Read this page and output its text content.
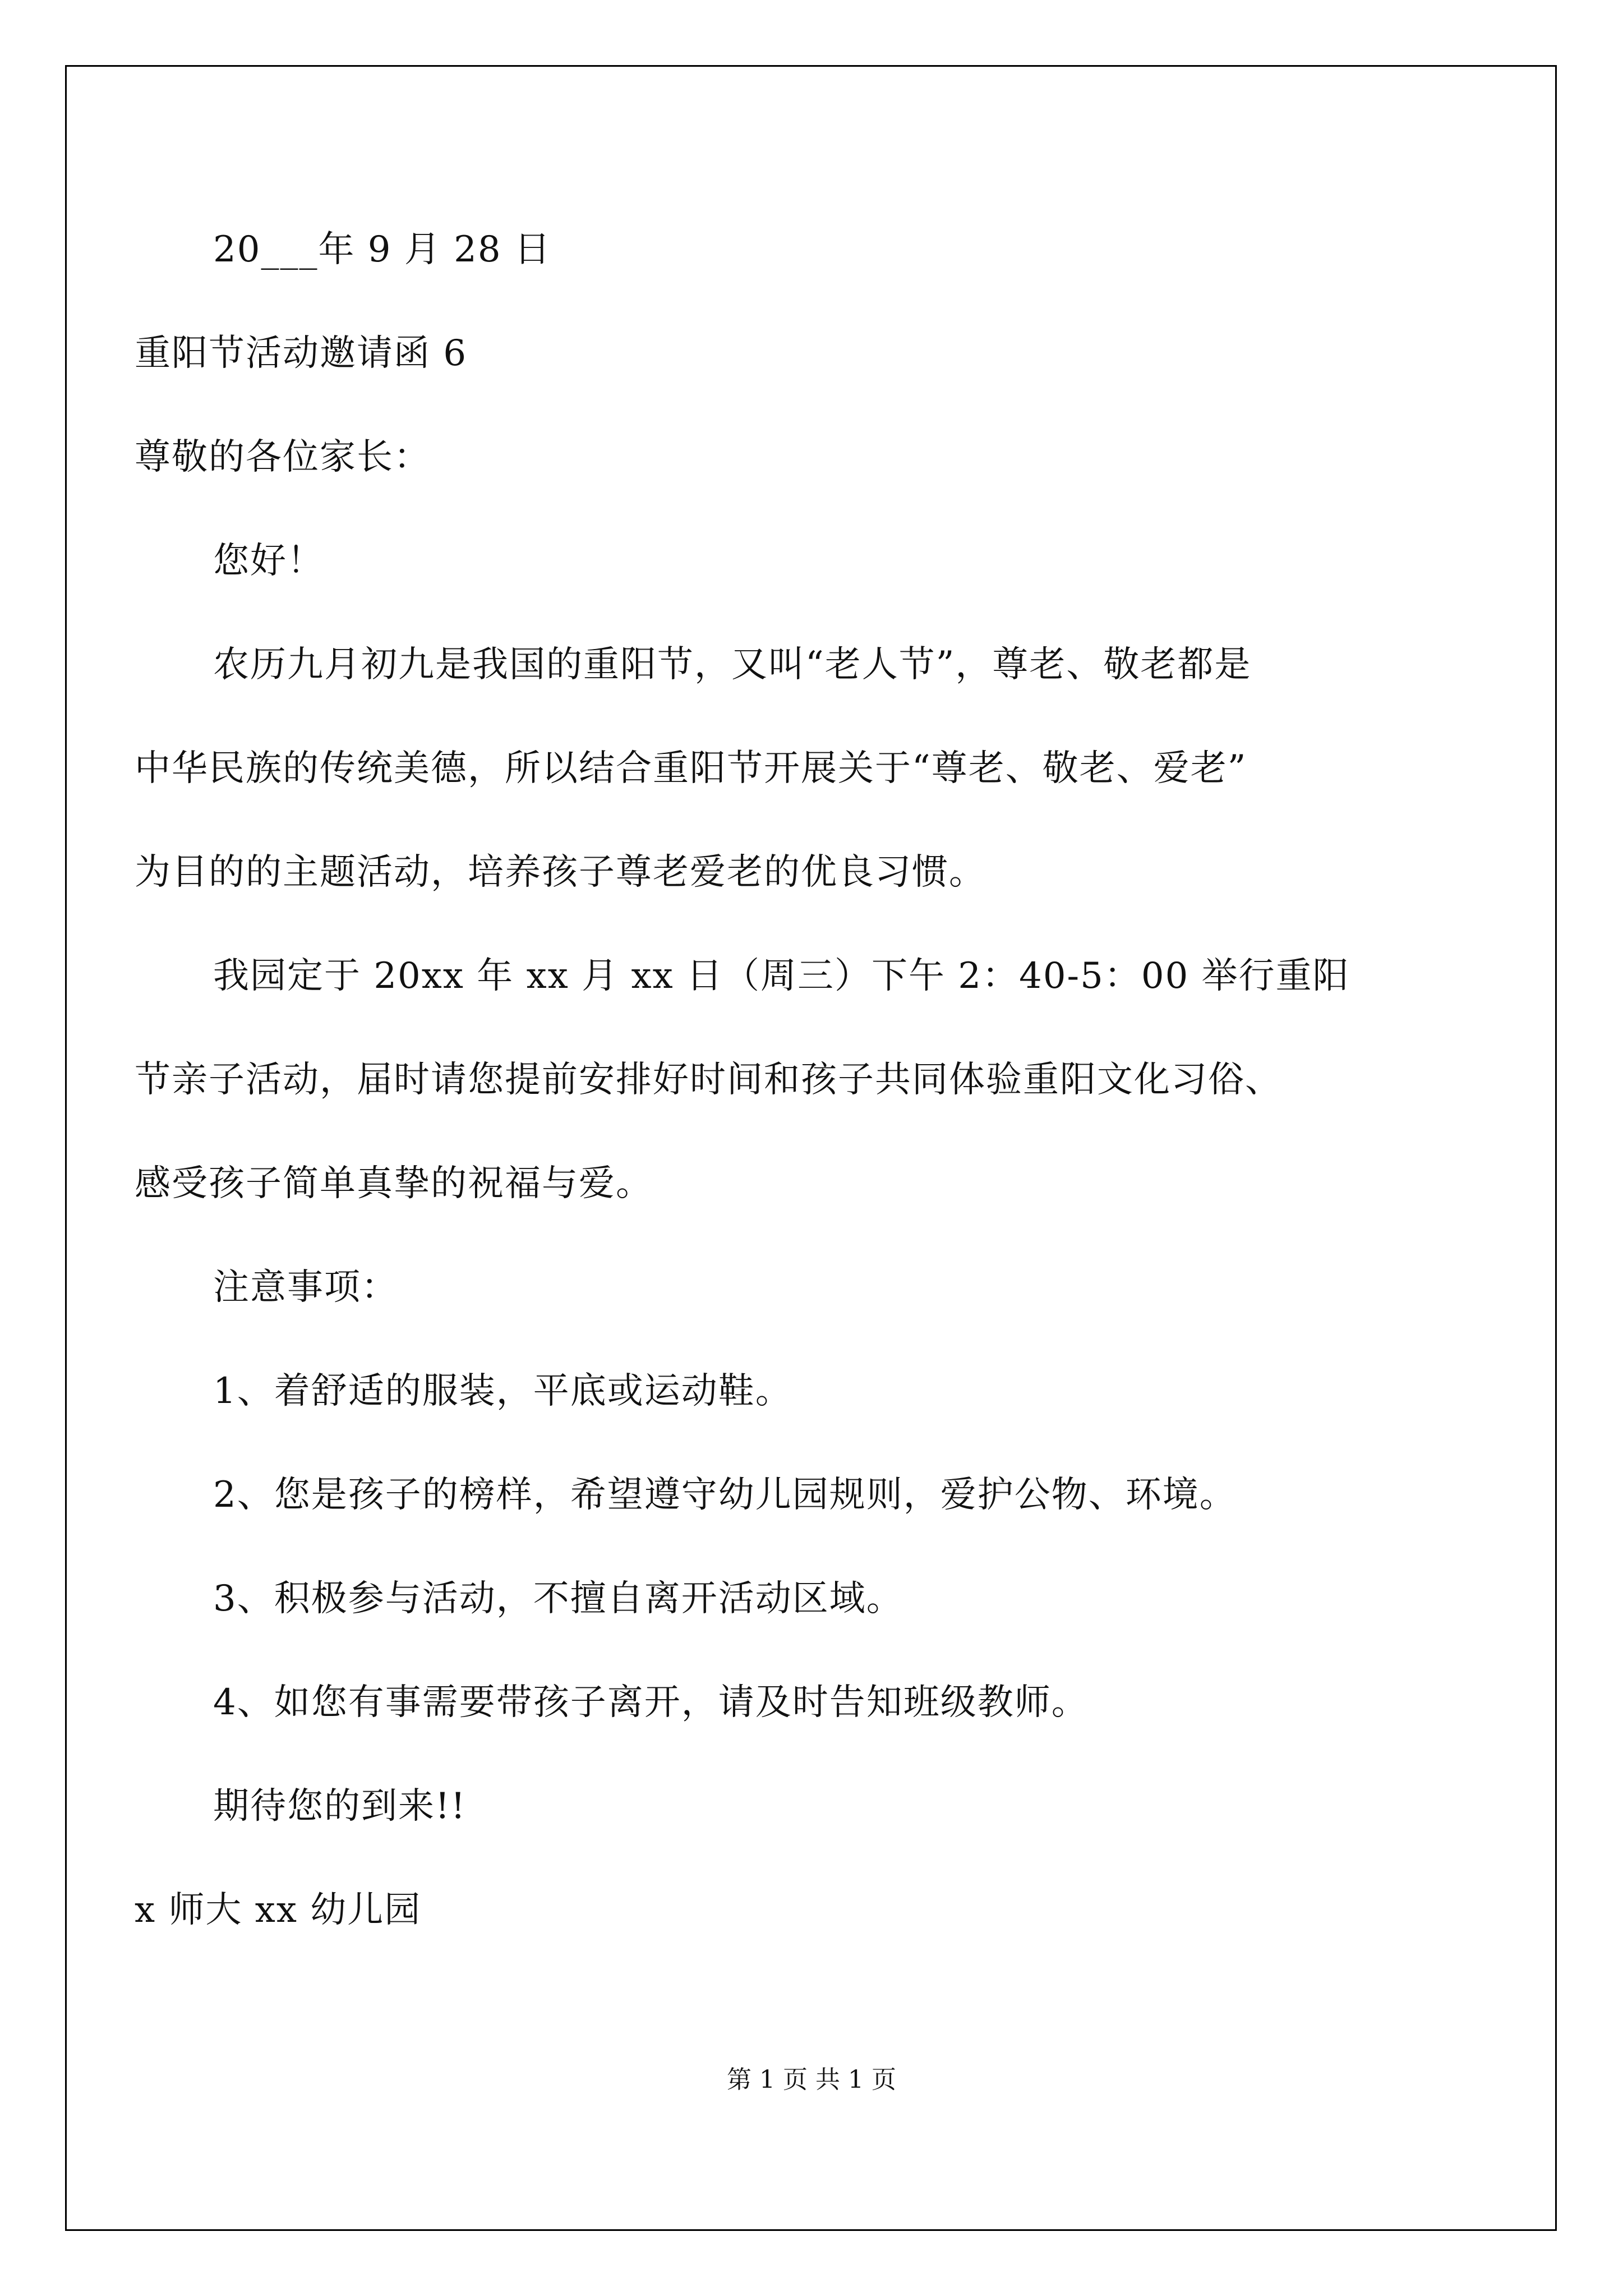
20___年 9 月 28 日
重阳节活动邀请函 6
尊敬的各位家长：
您好！
农历九月初九是我国的重阳节，又叫“老人节”，尊老、敬老都是
中华民族的传统美德，所以结合重阳节开展关于“尊老、敬老、爱老”
为目的的主题活动，培养孩子尊老爱老的优良习惯。
我园定于 20xx 年 xx 月 xx 日（周三）下午 2：40-5：00 举行重阳
节亲子活动，届时请您提前安排好时间和孩子共同体验重阳文化习俗、
感受孩子简单真挚的祝福与爱。
注意事项：
1、着舒适的服装，平底或运动鞋。
2、您是孩子的榜样，希望遵守幼儿园规则，爱护公物、环境。
3、积极参与活动，不擅自离开活动区域。
4、如您有事需要带孩子离开，请及时告知班级教师。
期待您的到来!!
x 师大 xx 幼儿园
第 1 页 共 1 页
